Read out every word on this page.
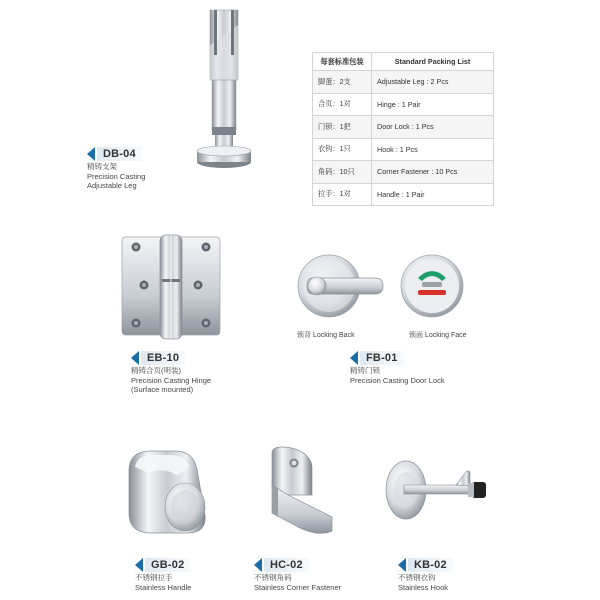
DB-04
精铸支架
Precision Casting
Adjustable Leg
每套标准包装	Standard Packing List
脚蛋：2支	Adjustable Leg : 2 Pcs
合页：1对	Hinge : 1 Pair
门锁：1把	Door Lock : 1 Pcs
衣钩：1只	Hook : 1 Pcs
角码：10只	Corner Fastener : 10 Pcs
拉手：1对	Handle : 1 Pair
EB-10
精铸合页(明装)
Precision Casting Hinge
(Surface mounted)
锁背 Locking Back	锁面 Locking Face
FB-01
精铸门锁
Precision Casting Door Lock
GB-02
不锈钢拉手
Stainless Handle
HC-02
不锈钢角码
Stainless Corner Fastener
KB-02
不锈钢衣钩
Stainless Hook
